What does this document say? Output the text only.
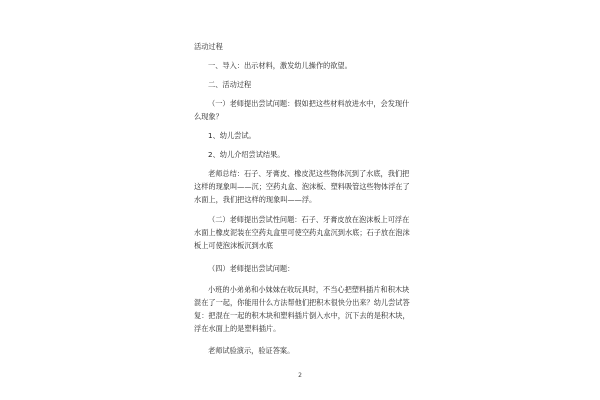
活动过程
一、导入：出示材料，激发幼儿操作的欲望。
二、活动过程
（一）老师提出尝试问题：假如把这些材料放进水中，会发现什
么现象？
1、幼儿尝试。
2、幼儿介绍尝试结果。
老师总结：石子、牙膏皮、橡皮泥这些物体沉到了水底，我们把
这样的现象叫——沉；空药丸盒、泡沫板、塑料吸管这些物体浮在了
水面上，我们把这样的现象叫——浮。
（二）老师提出尝试性问题：石子、牙膏皮放在泡沫板上可浮在
水面上橡皮泥装在空药丸盒里可使空药丸盒沉到水底；石子放在泡沫
板上可使泡沫板沉到水底
（四）老师提出尝试问题：
小班的小弟弟和小妹妹在收玩具时，不当心把塑料插片和积木块
混在了一起，你能用什么方法帮他们把积木很快分出来？幼儿尝试答
复：把混在一起的积木块和塑料插片倒入水中，沉下去的是积木块，
浮在水面上的是塑料插片。
老师试验演示，验证答案。
2
